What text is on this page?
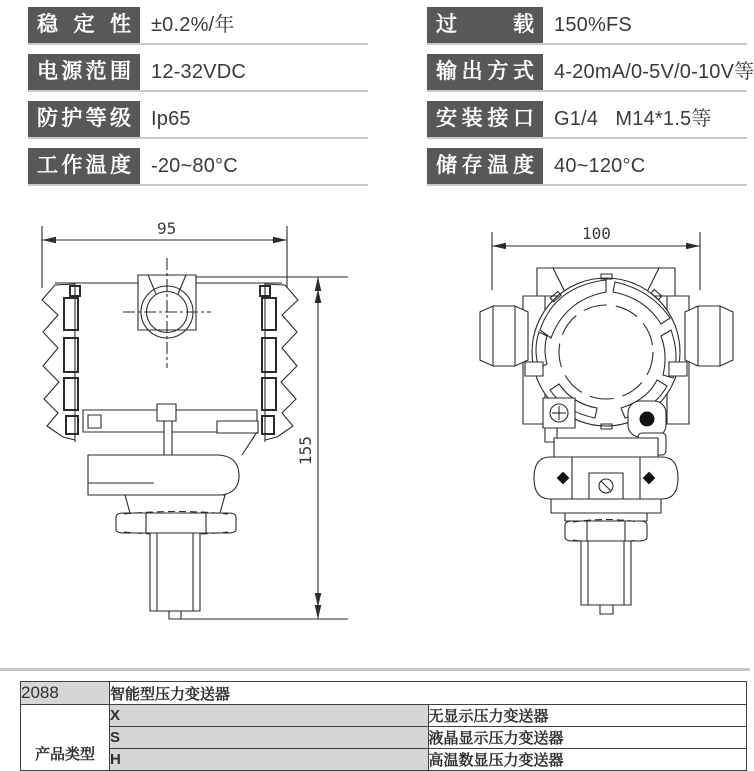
稳定性	±0.2%/年
电源范围	12-32VDC
防护等级	Ip65
工作温度	-20~80°C
过载	150%FS
输出方式	4-20mA/0-5V/0-10V等
安装接口	G1/4   M14*1.5等
储存温度	40~120°C
95
155
100
2088	智能型压力变送器	

产品类型	X	无显示压力变送器
	S	液晶显示压力变送器
	H	高温数显压力变送器
